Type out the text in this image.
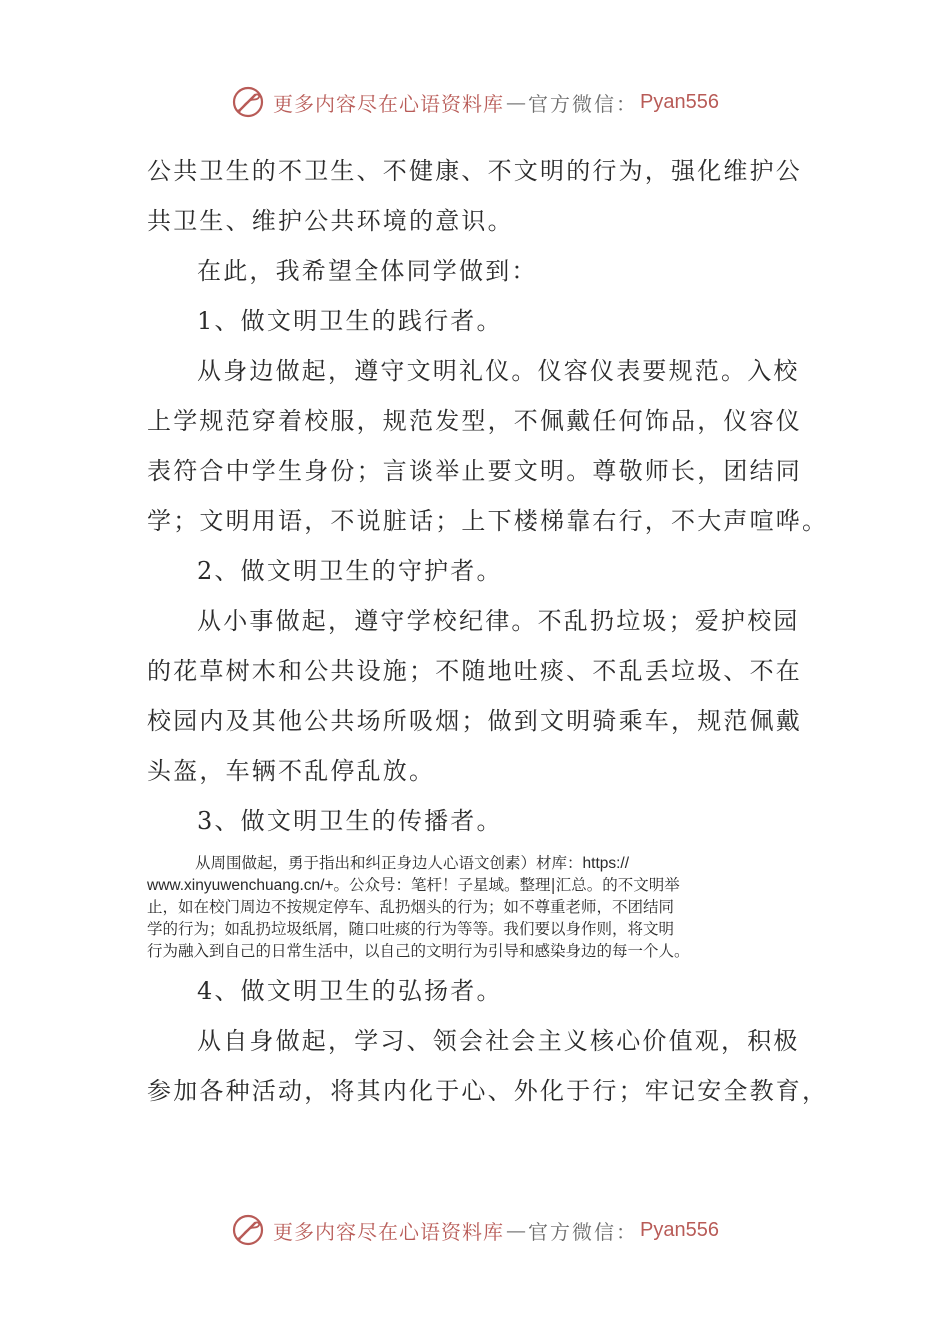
更多内容尽在心语资料库 — 官方微信： Pyan556
公共卫生的不卫生、不健康、不文明的行为，强化维护公
共卫生、维护公共环境的意识。
在此，我希望全体同学做到：
1、做文明卫生的践行者。
从身边做起，遵守文明礼仪。仪容仪表要规范。入校
上学规范穿着校服，规范发型，不佩戴任何饰品，仪容仪
表符合中学生身份；言谈举止要文明。尊敬师长，团结同
学；文明用语，不说脏话；上下楼梯靠右行，不大声喧哗。
2、做文明卫生的守护者。
从小事做起，遵守学校纪律。不乱扔垃圾；爱护校园
的花草树木和公共设施；不随地吐痰、不乱丢垃圾、不在
校园内及其他公共场所吸烟；做到文明骑乘车，规范佩戴
头盔，车辆不乱停乱放。
3、做文明卫生的传播者。
从周围做起，勇于指出和纠正身边人心语文创素）材库：https://
www.xinyuwenchuang.cn/+。公众号：笔杆！子星域。整理|汇总。的不文明举
止，如在校门周边不按规定停车、乱扔烟头的行为；如不尊重老师，不团结同
学的行为；如乱扔垃圾纸屑，随口吐痰的行为等等。我们要以身作则，将文明
行为融入到自己的日常生活中，以自己的文明行为引导和感染身边的每一个人。
4、做文明卫生的弘扬者。
从自身做起，学习、领会社会主义核心价值观，积极
参加各种活动，将其内化于心、外化于行；牢记安全教育，
更多内容尽在心语资料库 — 官方微信： Pyan556
